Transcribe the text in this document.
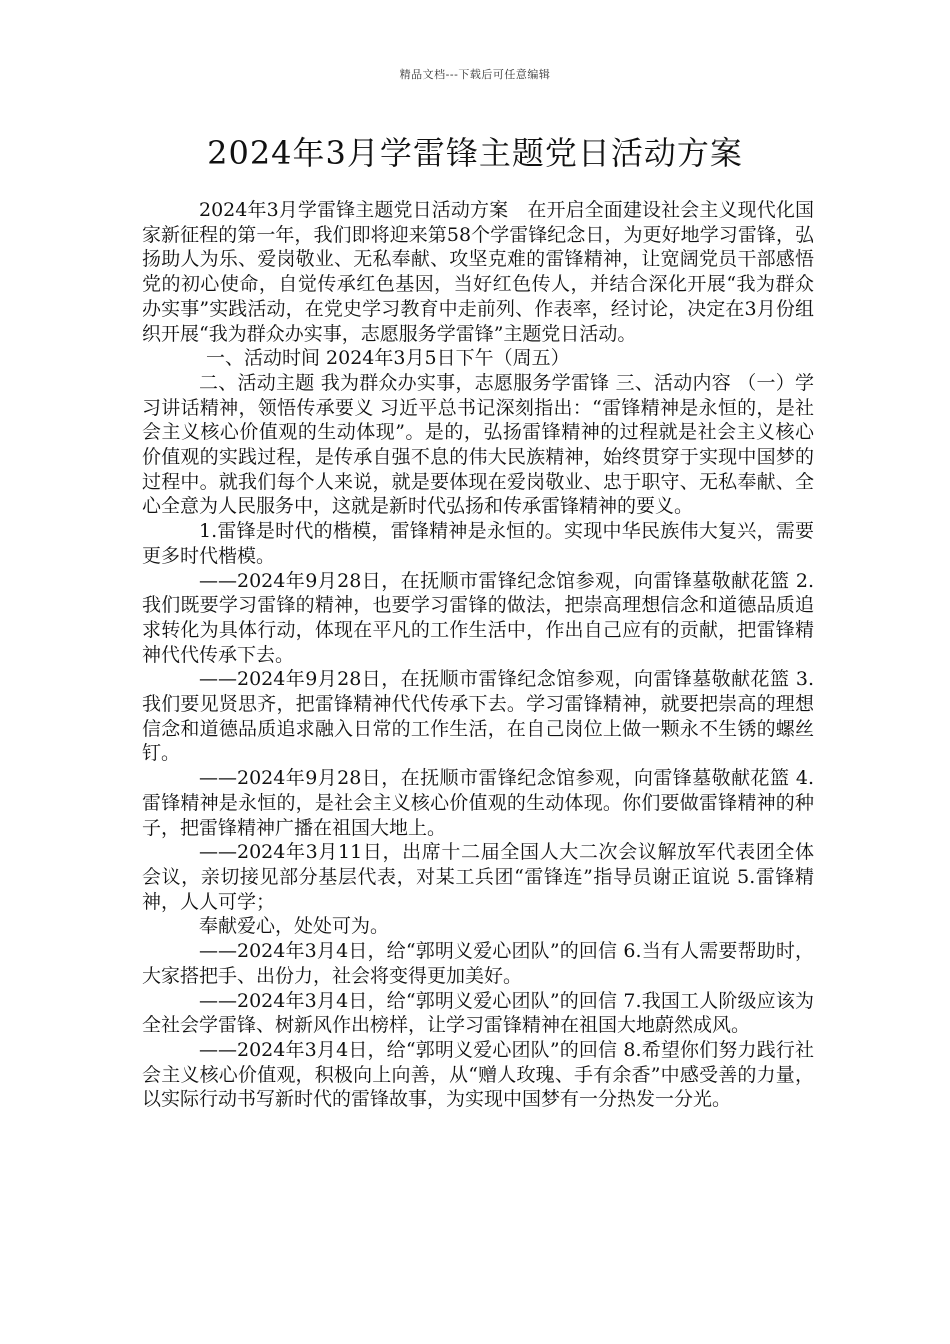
精品文档---下载后可任意编辑
2024年3月学雷锋主题党日活动方案

2024年3月学雷锋主题党日活动方案　在开启全面建设社会主义现代化国家新征程的第一年，我们即将迎来第58个学雷锋纪念日，为更好地学习雷锋，弘扬助人为乐、爱岗敬业、无私奉献、攻坚克难的雷锋精神，让宽阔党员干部感悟党的初心使命，自觉传承红色基因，当好红色传人，并结合深化开展“我为群众办实事”实践活动，在党史学习教育中走前列、作表率，经讨论，决定在3月份组织开展“我为群众办实事，志愿服务学雷锋”主题党日活动。

一、活动时间 2024年3月5日下午（周五）

二、活动主题 我为群众办实事，志愿服务学雷锋 三、活动内容 （一）学习讲话精神，领悟传承要义 习近平总书记深刻指出：“雷锋精神是永恒的，是社会主义核心价值观的生动体现”。是的，弘扬雷锋精神的过程就是社会主义核心价值观的实践过程，是传承自强不息的伟大民族精神，始终贯穿于实现中国梦的过程中。就我们每个人来说，就是要体现在爱岗敬业、忠于职守、无私奉献、全心全意为人民服务中，这就是新时代弘扬和传承雷锋精神的要义。

1.雷锋是时代的楷模，雷锋精神是永恒的。实现中华民族伟大复兴，需要更多时代楷模。

——2024年9月28日，在抚顺市雷锋纪念馆参观，向雷锋墓敬献花篮 2.我们既要学习雷锋的精神，也要学习雷锋的做法，把崇高理想信念和道德品质追求转化为具体行动，体现在平凡的工作生活中，作出自己应有的贡献，把雷锋精神代代传承下去。

——2024年9月28日，在抚顺市雷锋纪念馆参观，向雷锋墓敬献花篮 3.我们要见贤思齐，把雷锋精神代代传承下去。学习雷锋精神，就要把崇高的理想信念和道德品质追求融入日常的工作生活，在自己岗位上做一颗永不生锈的螺丝钉。

——2024年9月28日，在抚顺市雷锋纪念馆参观，向雷锋墓敬献花篮 4.雷锋精神是永恒的，是社会主义核心价值观的生动体现。你们要做雷锋精神的种子，把雷锋精神广播在祖国大地上。

——2024年3月11日，出席十二届全国人大二次会议解放军代表团全体会议，亲切接见部分基层代表，对某工兵团“雷锋连”指导员谢正谊说 5.雷锋精神，人人可学；

奉献爱心，处处可为。

——2024年3月4日，给“郭明义爱心团队”的回信 6.当有人需要帮助时，大家搭把手、出份力，社会将变得更加美好。

——2024年3月4日，给“郭明义爱心团队”的回信 7.我国工人阶级应该为全社会学雷锋、树新风作出榜样，让学习雷锋精神在祖国大地蔚然成风。

——2024年3月4日，给“郭明义爱心团队”的回信 8.希望你们努力践行社会主义核心价值观，积极向上向善，从“赠人玫瑰、手有余香”中感受善的力量，以实际行动书写新时代的雷锋故事，为实现中国梦有一分热发一分光。
